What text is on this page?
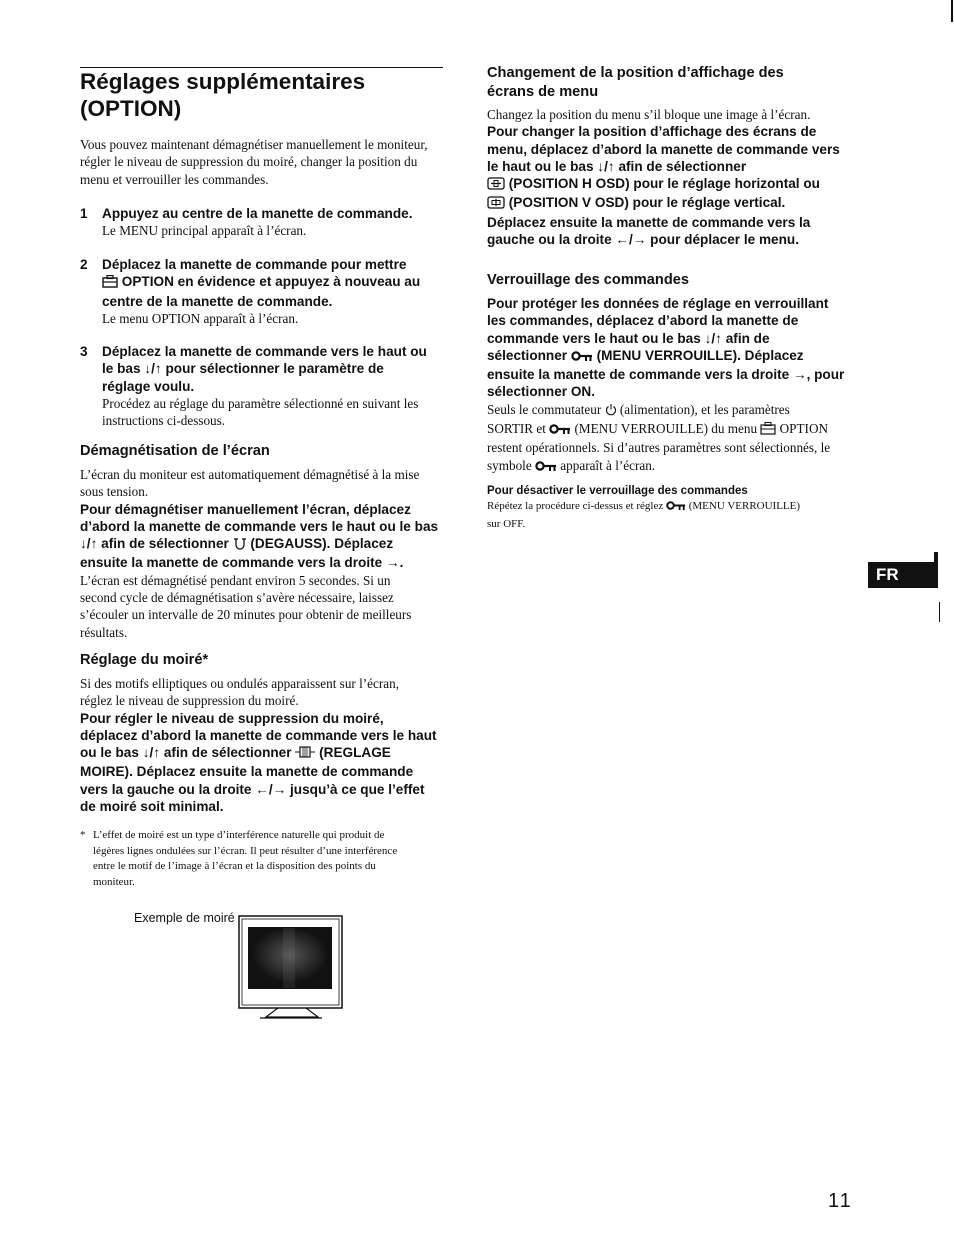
Réglages supplémentaires
(OPTION)
Vous pouvez maintenant démagnétiser manuellement le moniteur, régler le niveau de suppression du moiré, changer la position du menu et verrouiller les commandes.
1	Appuyez au centre de la manette de commande.
Le MENU principal apparaît à l’écran.
2	Déplacez la manette de commande pour mettre
OPTION en évidence et appuyez à nouveau au
centre de la manette de commande.
Le menu OPTION apparaît à l’écran.
3	Déplacez la manette de commande vers le haut ou
le bas ↓/↑ pour sélectionner le paramètre de
réglage voulu.
Procédez au réglage du paramètre sélectionné en suivant les
instructions ci-dessous.
Démagnétisation de l’écran
L’écran du moniteur est automatiquement démagnétisé à la mise
sous tension.
Pour démagnétiser manuellement l’écran, déplacez
d’abord la manette de commande vers le haut ou le bas
↓/↑ afin de sélectionner (DEGAUSS). Déplacez
ensuite la manette de commande vers la droite →.
L’écran est démagnétisé pendant environ 5 secondes. Si un
second cycle de démagnétisation s’avère nécessaire, laissez
s’écouler un intervalle de 20 minutes pour obtenir de meilleurs
résultats.
Réglage du moiré*
Si des motifs elliptiques ou ondulés apparaissent sur l’écran,
réglez le niveau de suppression du moiré.
Pour régler le niveau de suppression du moiré,
déplacez d’abord la manette de commande vers le haut
ou le bas ↓/↑ afin de sélectionner (REGLAGE
MOIRE). Déplacez ensuite la manette de commande
vers la gauche ou la droite ←/→ jusqu’à ce que l’effet
de moiré soit minimal.
* L’effet de moiré est un type d’interférence naturelle qui produit de
légères lignes ondulées sur l’écran. Il peut résulter d’une interférence
entre le motif de l’image à l’écran et la disposition des points du
moniteur.
Exemple de moiré
Changement de la position d’affichage des
écrans de menu
Changez la position du menu s’il bloque une image à l’écran.
Pour changer la position d’affichage des écrans de
menu, déplacez d’abord la manette de commande vers
le haut ou le bas ↓/↑ afin de sélectionner
(POSITION H OSD) pour le réglage horizontal ou
(POSITION V OSD) pour le réglage vertical.
Déplacez ensuite la manette de commande vers la
gauche ou la droite ←/→ pour déplacer le menu.
Verrouillage des commandes
Pour protéger les données de réglage en verrouillant
les commandes, déplacez d’abord la manette de
commande vers le haut ou le bas ↓/↑ afin de
sélectionner (MENU VERROUILLE). Déplacez
ensuite la manette de commande vers la droite →, pour
sélectionner ON.
Seuls le commutateur (alimentation), et les paramètres
SORTIR et (MENU VERROUILLE) du menu OPTION
restent opérationnels. Si d’autres paramètres sont sélectionnés, le
symbole apparaît à l’écran.
Pour désactiver le verrouillage des commandes
Répétez la procédure ci-dessus et réglez (MENU VERROUILLE)
sur OFF.
FR
11
